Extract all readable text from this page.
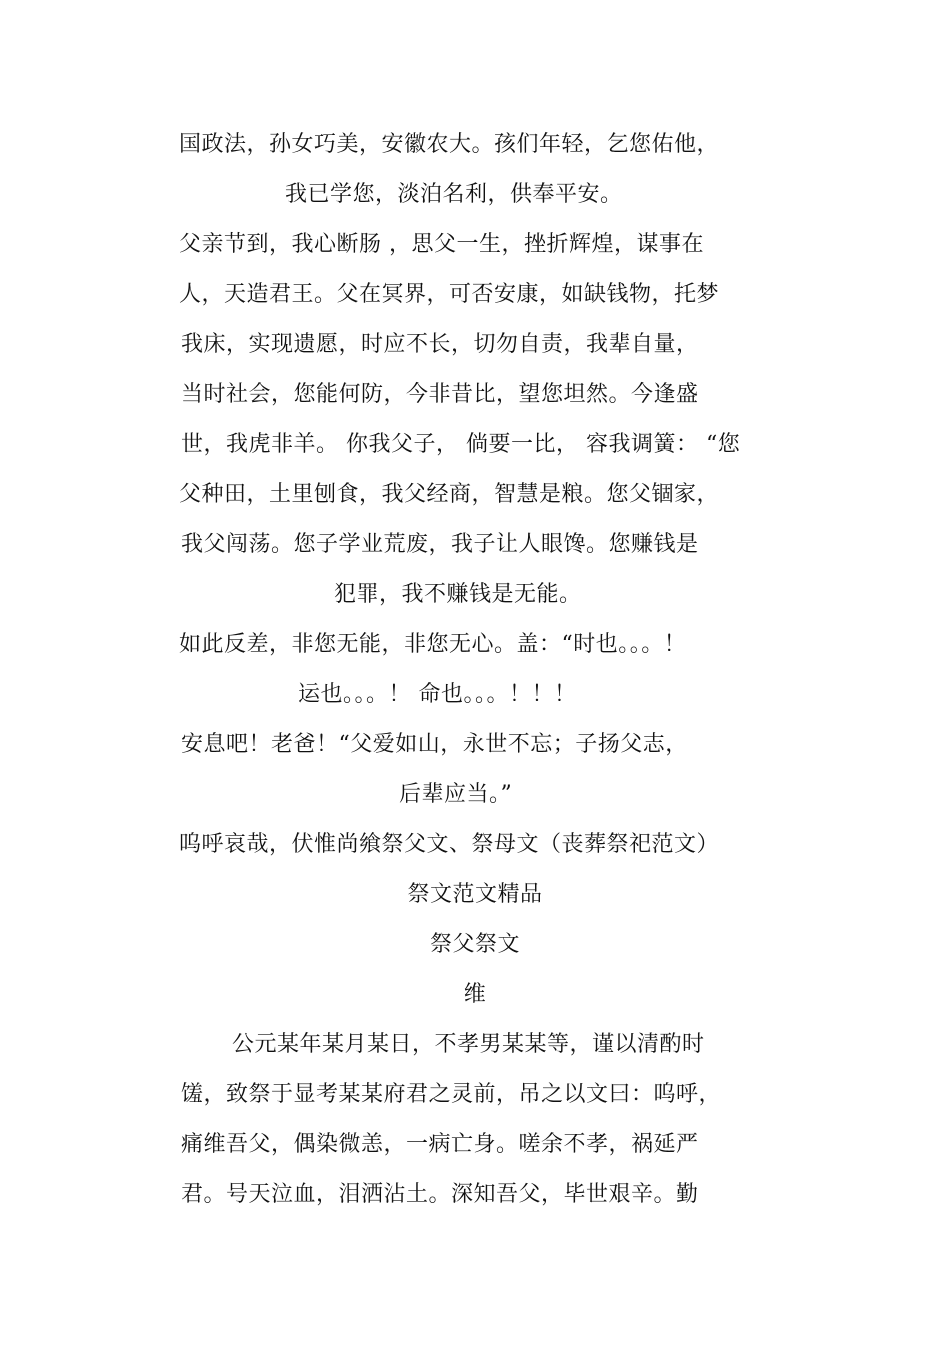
国政法，孙女巧美，安徽农大。孩们年轻，乞您佑他，
我已学您，淡泊名利，供奉平安。
父亲节到，我心断肠 ，思父一生，挫折辉煌，谋事在
人，天造君王。父在冥界，可否安康，如缺钱物，托梦
我床，实现遗愿，时应不长，切勿自责，我辈自量，
当时社会，您能何防，今非昔比，望您坦然。今逢盛
世，我虎非羊。 你我父子， 倘要一比， 容我调簧： “您
父种田，土里刨食，我父经商，智慧是粮。您父锢家，
我父闯荡。您子学业荒废，我子让人眼馋。您赚钱是
犯罪，我不赚钱是无能。
如此反差，非您无能，非您无心。盖：“时也。。。！
运也。。。！ 命也。。。！！！
安息吧！老爸！“父爱如山，永世不忘；子扬父志，
后辈应当。”
呜呼哀哉，伏惟尚飨祭父文、祭母文（丧葬祭祀范文）
祭文范文精品
祭父祭文
维
公元某年某月某日，不孝男某某等，谨以清酌时
馐，致祭于显考某某府君之灵前，吊之以文曰：呜呼，
痛维吾父，偶染微恙，一病亡身。嗟余不孝，祸延严
君。号天泣血，泪洒沾土。深知吾父，毕世艰辛。勤
